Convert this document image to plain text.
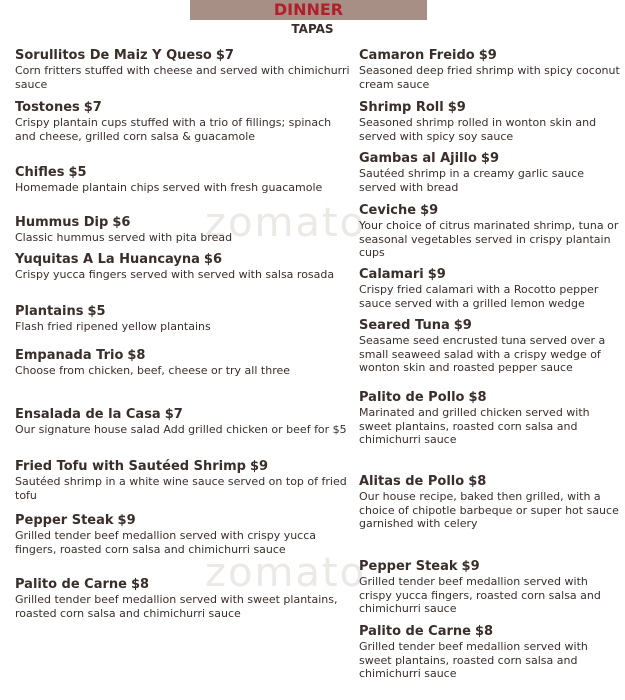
DINNER
TAPAS
zomato
zomato
Sorullitos De Maiz Y Queso $7
Corn fritters stuffed with cheese and served with chimichurri sauce
Tostones $7
Crispy plantain cups stuffed with a trio of fillings; spinach and cheese, grilled corn salsa & guacamole
Chifles $5
Homemade plantain chips served with fresh guacamole
Hummus Dip $6
Classic hummus served with pita bread
Yuquitas A La Huancayna $6
Crispy yucca fingers served with served with salsa rosada
Plantains $5
Flash fried ripened yellow plantains
Empanada Trio $8
Choose from chicken, beef, cheese or try all three
Ensalada de la Casa $7
Our signature house salad Add grilled chicken or beef for $5
Fried Tofu with Sautéed Shrimp $9
Sautéed shrimp in a white wine sauce served on top of fried tofu
Pepper Steak $9
Grilled tender beef medallion served with crispy yucca fingers, roasted corn salsa and chimichurri sauce
Palito de Carne $8
Grilled tender beef medallion served with sweet plantains, roasted corn salsa and chimichurri sauce
Camaron Freido $9
Seasoned deep fried shrimp with spicy coconut cream sauce
Shrimp Roll $9
Seasoned shrimp rolled in wonton skin and served with spicy soy sauce
Gambas al Ajillo $9
Sautéed shrimp in a creamy garlic sauce served with bread
Ceviche $9
Your choice of citrus marinated shrimp, tuna or seasonal vegetables served in crispy plantain cups
Calamari $9
Crispy fried calamari with a Rocotto pepper sauce served with a grilled lemon wedge
Seared Tuna $9
Seasame seed encrusted tuna served over a small seaweed salad with a crispy wedge of wonton skin and roasted pepper sauce
Palito de Pollo $8
Marinated and grilled chicken served with sweet plantains, roasted corn salsa and chimichurri sauce
Alitas de Pollo $8
Our house recipe, baked then grilled, with a choice of chipotle barbeque or super hot sauce garnished with celery
Pepper Steak $9
Grilled tender beef medallion served with crispy yucca fingers, roasted corn salsa and chimichurri sauce
Palito de Carne $8
Grilled tender beef medallion served with sweet plantains, roasted corn salsa and chimichurri sauce
